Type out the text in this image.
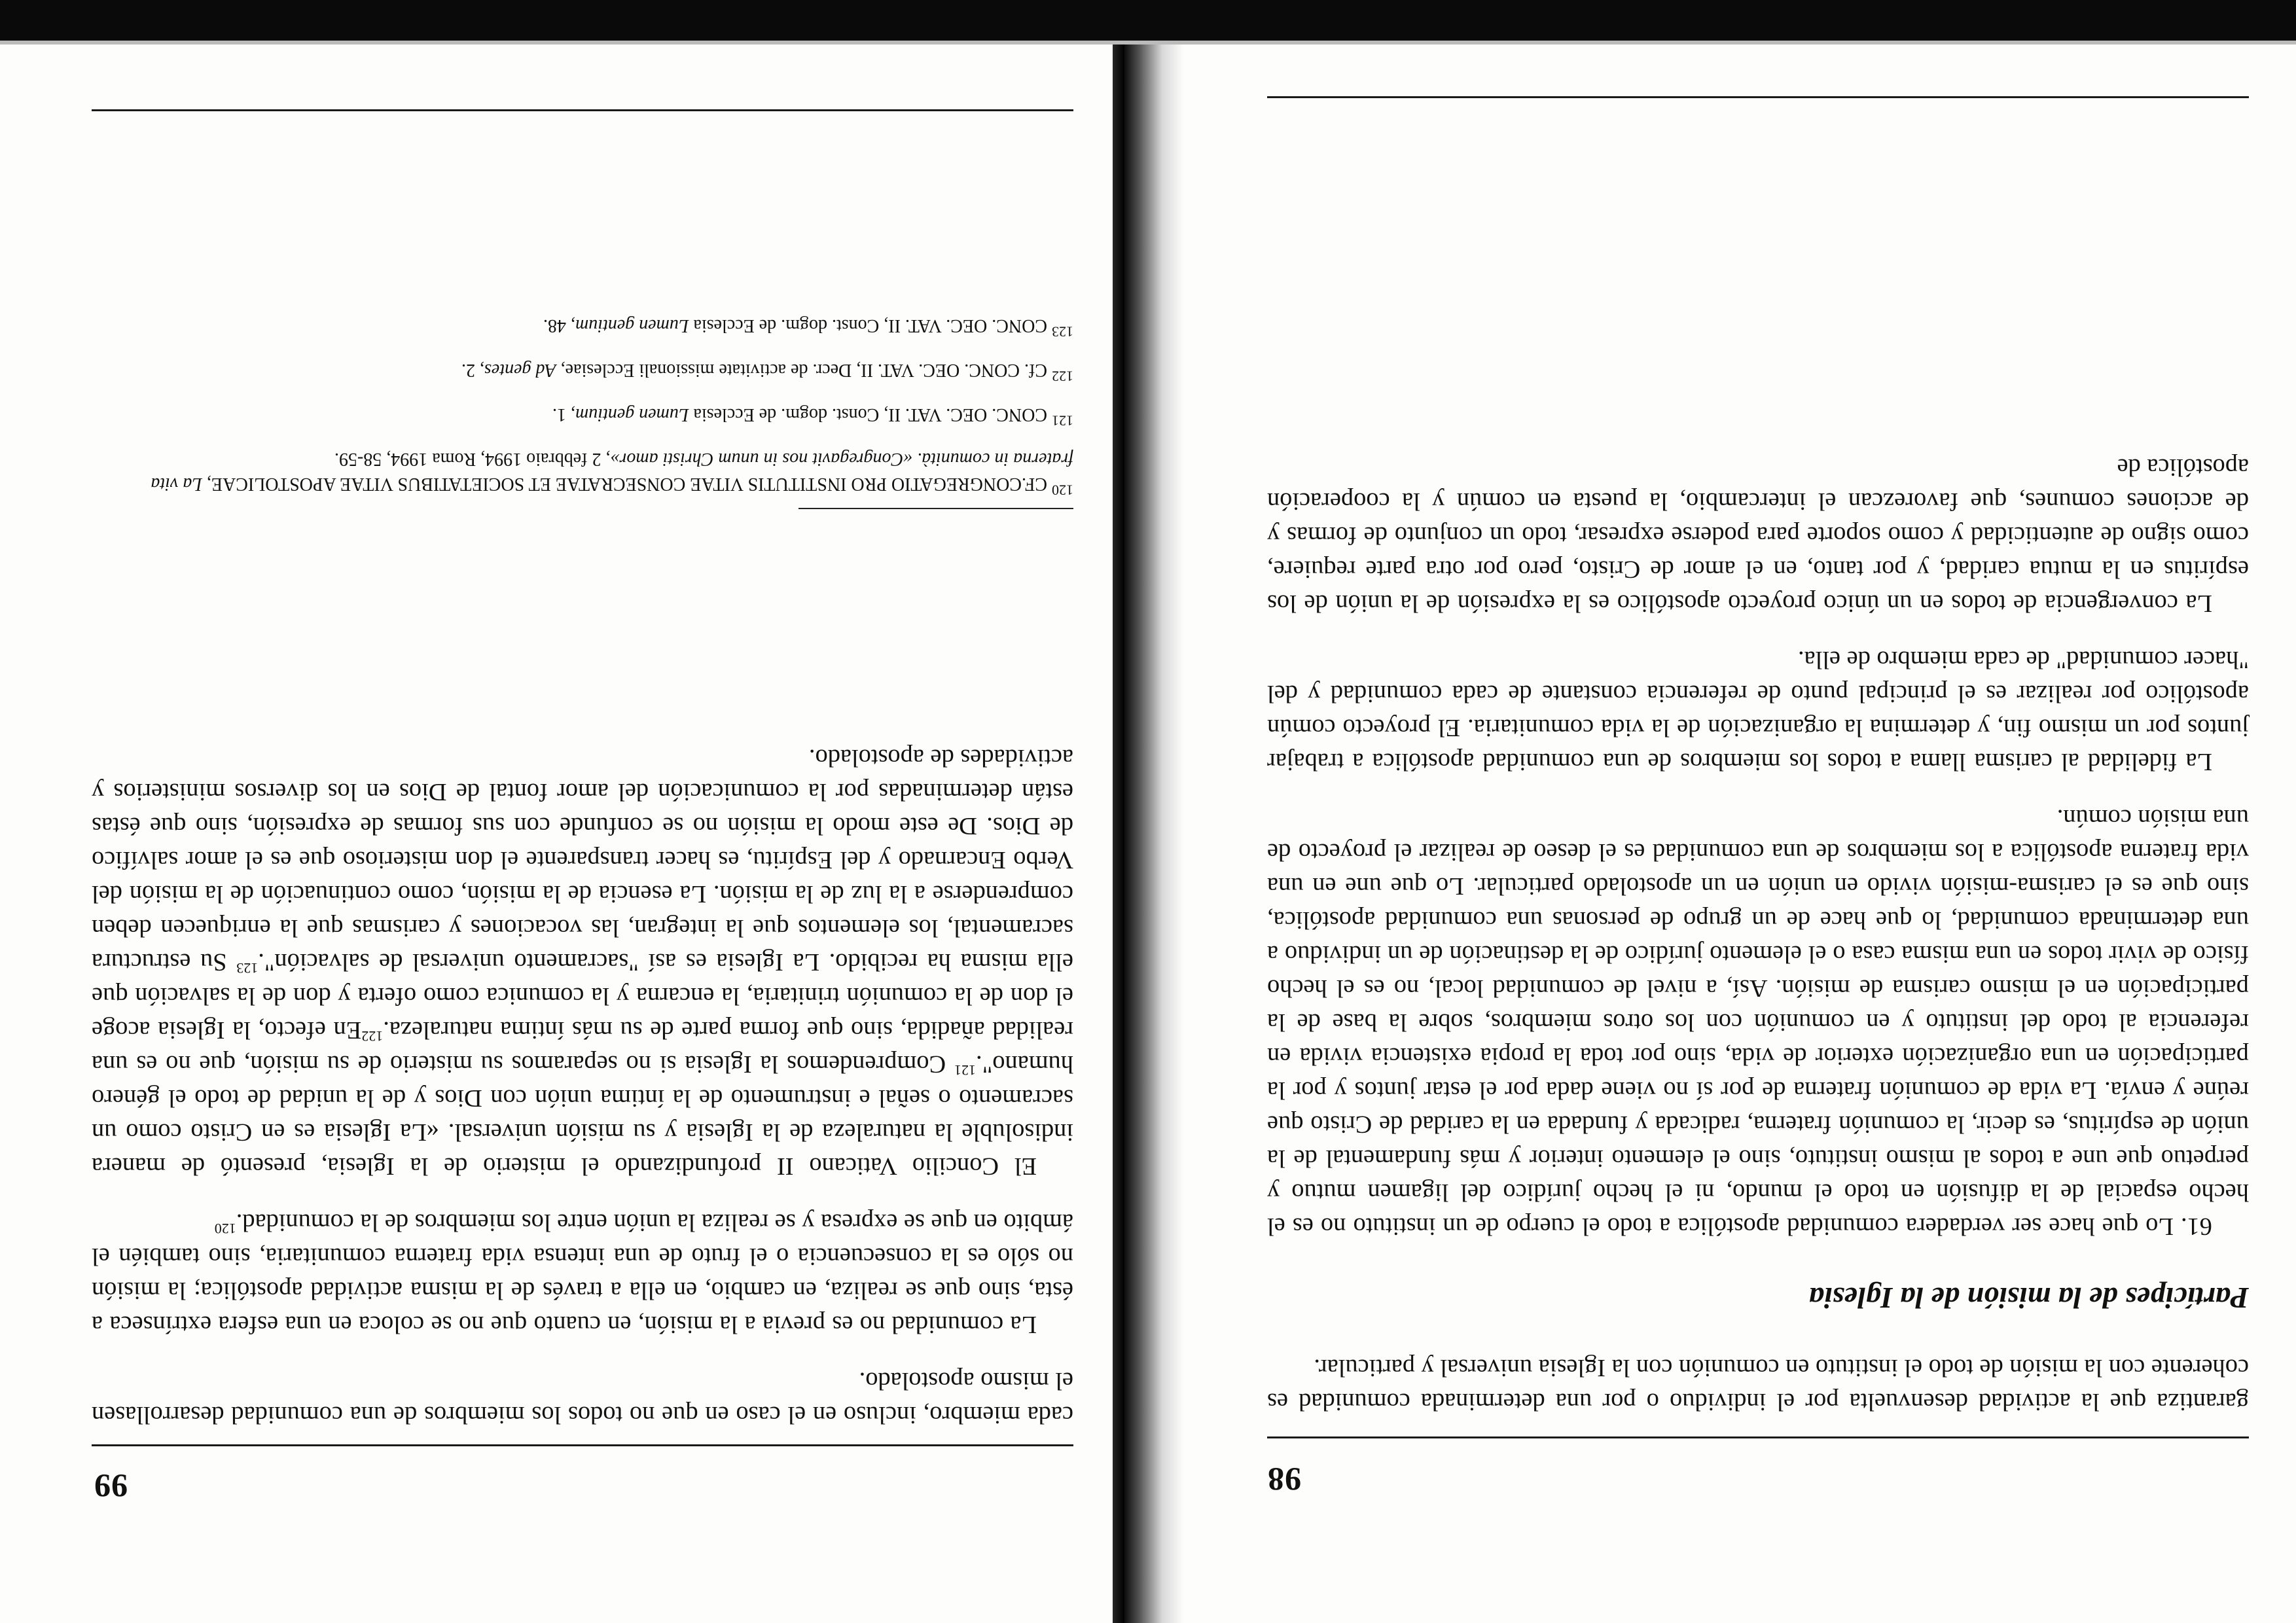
98

garantiza que la actividad desenvuelta por el individuo o por una determinada comunidad es coherente con la misión de todo el instituto en comunión con la Iglesia universal y particular.

Partícipes de la misión de la Iglesia

61. Lo que hace ser verdadera comunidad apostólica a todo el cuerpo de un instituto no es el hecho espacial de la difusión en todo el mundo, ni el hecho jurídico del ligamen mutuo y perpetuo que une a todos al mismo instituto, sino el elemento interior y más fundamental de la unión de espíritus, es decir, la comunión fraterna, radicada y fundada en la caridad de Cristo que reúne y envía. La vida de comunión fraterna de por sí no viene dada por el estar juntos y por la participación en una organización exterior de vida, sino por toda la propia existencia vivida en referencia al todo del instituto y en comunión con los otros miembros, sobre la base de la participación en el mismo carisma de misión. Así, a nivel de comunidad local, no es el hecho físico de vivir todos en una misma casa o el elemento jurídico de la destinación de un individuo a una determinada comunidad, lo que hace de un grupo de personas una comunidad apostólica, sino que es el carisma-misión vivido en unión en un apostolado particular. Lo que une en una vida fraterna apostólica a los miembros de una comunidad es el deseo de realizar el proyecto de una misión común.

La fidelidad al carisma llama a todos los miembros de una comunidad apostólica a trabajar juntos por un mismo fin, y determina la organización de la vida comunitaria. El proyecto común apostólico por realizar es el principal punto de referencia constante de cada comunidad y del "hacer comunidad" de cada miembro de ella.

La convergencia de todos en un único proyecto apostólico es la expresión de la unión de los espíritus en la mutua caridad, y por tanto, en el amor de Cristo, pero por otra parte requiere, como signo de autenticidad y como soporte para poderse expresar, todo un conjunto de formas y de acciones comunes, que favorezcan el intercambio, la puesta en común y la cooperación apostólica de

99

cada miembro, incluso en el caso en que no todos los miembros de una comunidad desarrollasen el mismo apostolado.

La comunidad no es previa a la misión, en cuanto que no se coloca en una esfera extrínseca a ésta, sino que se realiza, en cambio, en ella a través de la misma actividad apostólica; la misión no sólo es la consecuencia o el fruto de una intensa vida fraterna comunitaria, sino también el ámbito en que se expresa y se realiza la unión entre los miembros de la comunidad.$^{120}$

El Concilio Vaticano II profundizando el misterio de la Iglesia, presentó de manera indisoluble la naturaleza de la Iglesia y su misión universal. «La Iglesia es en Cristo como un sacramento o señal e instrumento de la íntima unión con Dios y de la unidad de todo el género humano".$^{121}$ Comprendemos la Iglesia si no separamos su misterio de su misión, que no es una realidad añadida, sino que forma parte de su más íntima naturaleza.$^{122}$En efecto, la Iglesia acoge el don de la comunión trinitaria, la encarna y la comunica como oferta y don de la salvación que ella misma ha recibido. La Iglesia es así "sacramento universal de salvación".$^{123}$ Su estructura sacramental, los elementos que la integran, las vocaciones y carismas que la enriquecen deben comprenderse a la luz de la misión. La esencia de la misión, como continuación de la misión del Verbo Encarnado y del Espíritu, es hacer transparente el don misterioso que es el amor salvífico de Dios. De este modo la misión no se confunde con sus formas de expresión, sino que éstas están determinadas por la comunicación del amor fontal de Dios en los diversos ministerios y actividades de apostolado.

$^{120}$ CF.CONGREGATIO PRO INSTITUTIS VITAE CONSECRATAE ET SOCIETATIBUS VITAE APOSTOLICAE, La vita fraterna in comunità. «Congregavit nos in unum Christi amor», 2 febbraio 1994, Roma 1994, 58-59.

$^{121}$ CONC. OEC. VAT. II, Const. dogm. de Ecclesia Lumen gentium, 1.

$^{122}$ Cf. CONC. OEC. VAT. II, Decr. de activitate missionali Ecclesiae, Ad gentes, 2.

$^{123}$ CONC. OEC. VAT. II, Const. dogm. de Ecclesia Lumen gentium, 48.
